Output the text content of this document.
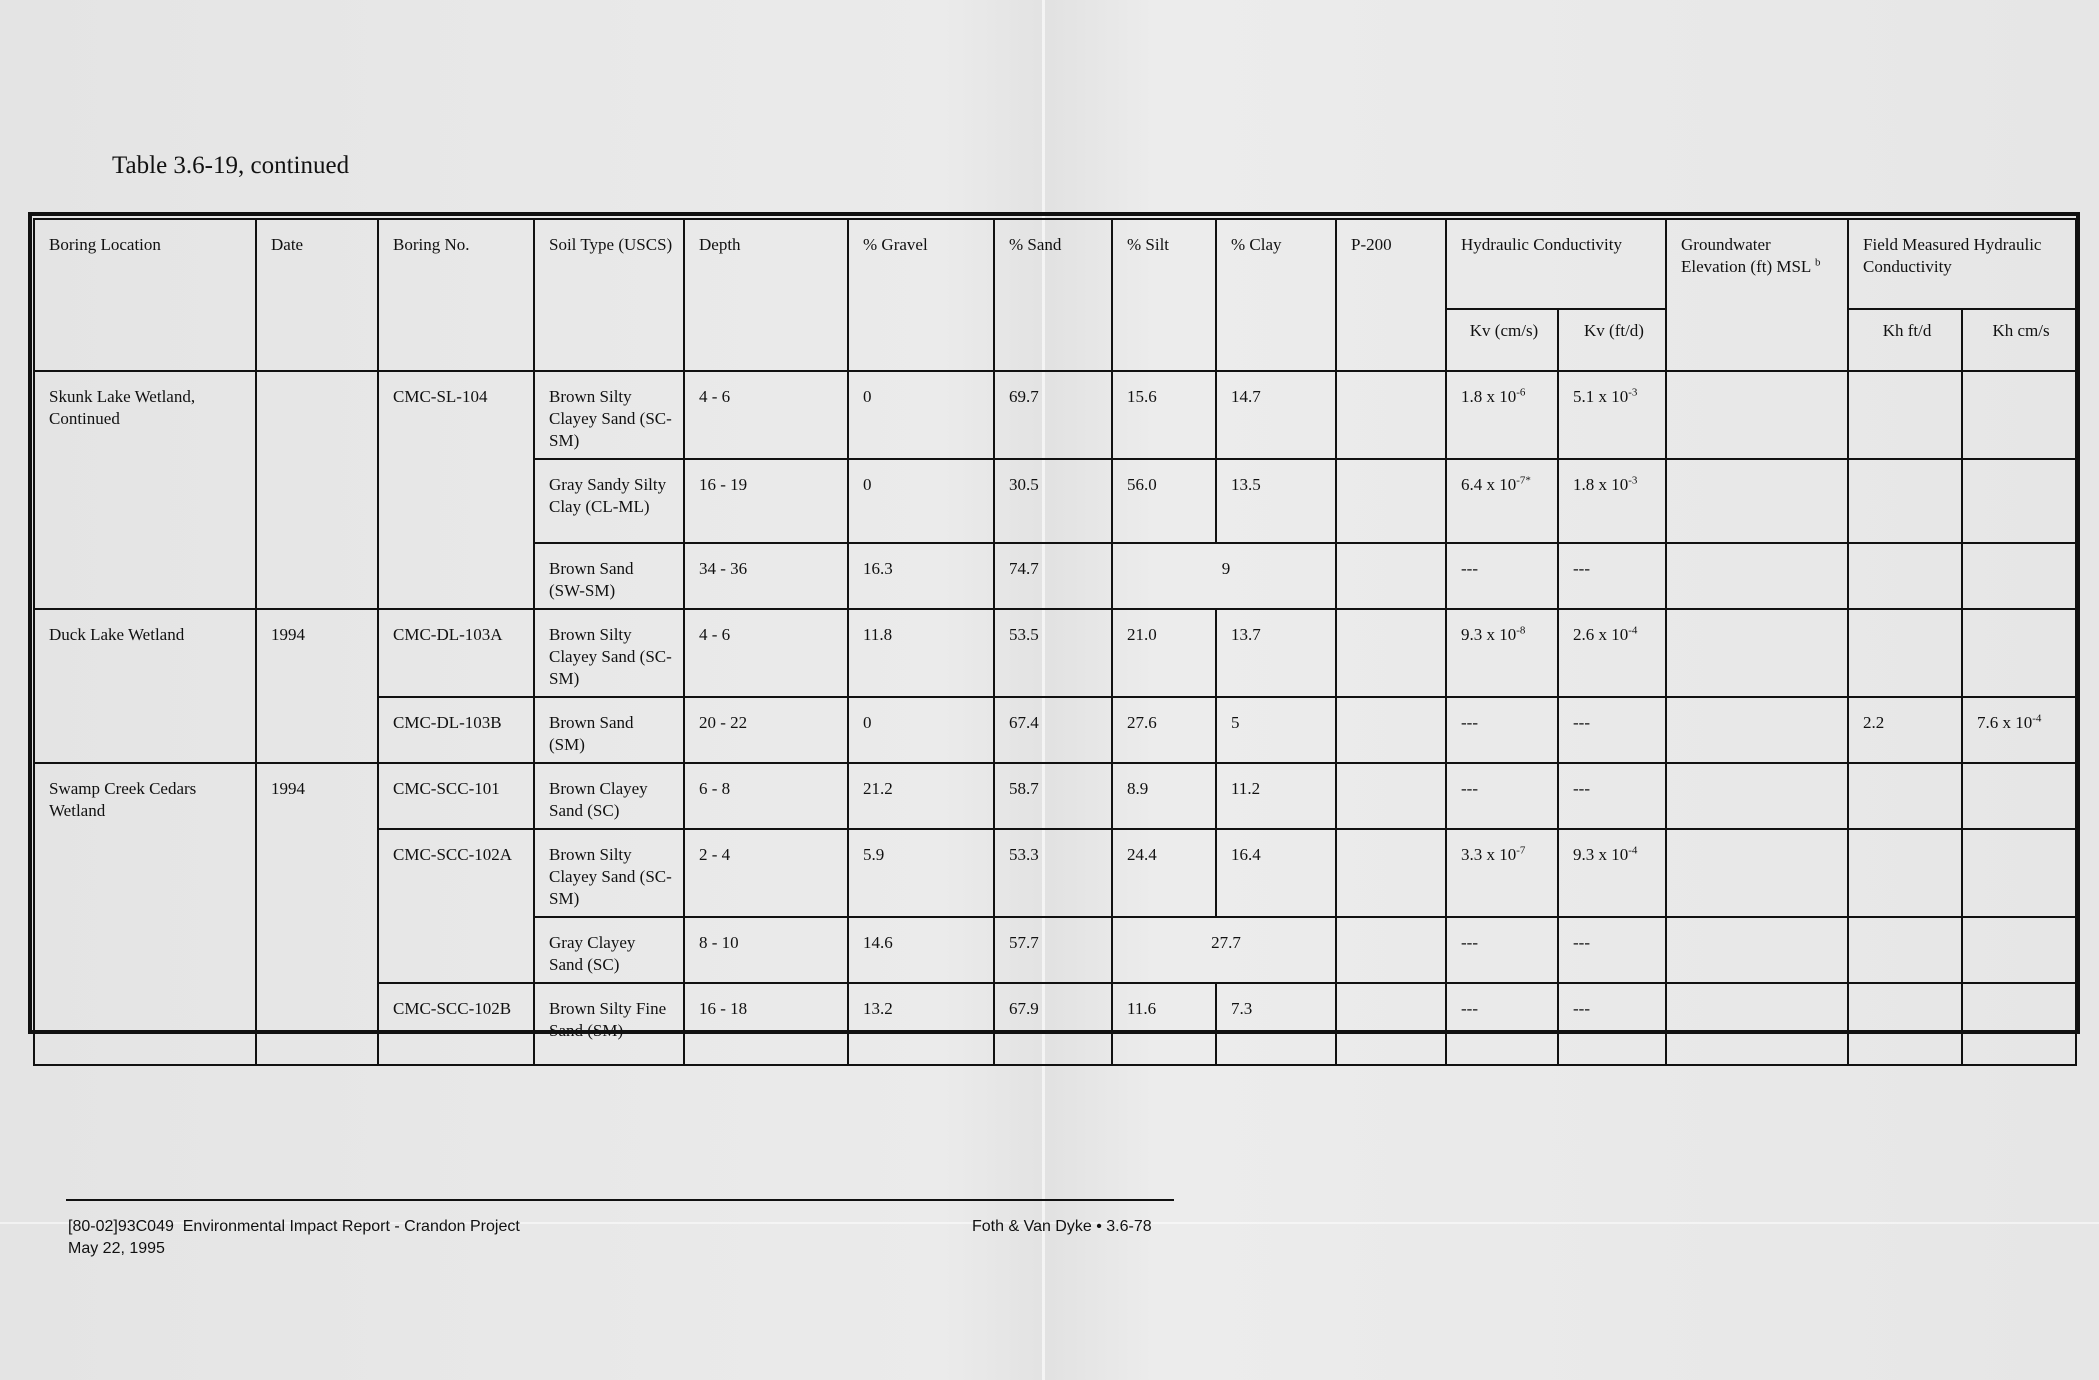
Table 3.6-19, continued
Boring Location	Date	Boring No.	Soil Type (USCS)	Depth	% Gravel	% Sand	% Silt	% Clay	P-200	Hydraulic Conductivity		Groundwater Elevation (ft) MSL $^b$	Field Measured Hydraulic Conductivity	
										Kv (cm/s)	Kv (ft/d)		Kh ft/d	Kh cm/s
Skunk Lake Wetland, Continued		CMC-SL-104	Brown Silty Clayey Sand (SC-SM)	4 - 6	0	69.7	15.6	14.7		1.8 x $10^{-6}$	5.1 x $10^{-3}$			
			Gray Sandy Silty Clay (CL-ML)	16 - 19	0	30.5	56.0	13.5		6.4 x $10^{-7*}$	1.8 x $10^{-3}$			
			Brown Sand (SW-SM)	34 - 36	16.3	74.7	9			---	---			
Duck Lake Wetland	1994	CMC-DL-103A	Brown Silty Clayey Sand (SC-SM)	4 - 6	11.8	53.5	21.0	13.7		9.3 x $10^{-8}$	2.6 x $10^{-4}$			
		CMC-DL-103B	Brown Sand (SM)	20 - 22	0	67.4	27.6	5		---	---		2.2	7.6 x $10^{-4}$
Swamp Creek Cedars Wetland	1994	CMC-SCC-101	Brown Clayey Sand (SC)	6 - 8	21.2	58.7	8.9	11.2		---	---			
		CMC-SCC-102A	Brown Silty Clayey Sand (SC-SM)	2 - 4	5.9	53.3	24.4	16.4		3.3 x $10^{-7}$	9.3 x $10^{-4}$			
			Gray Clayey Sand (SC)	8 - 10	14.6	57.7	27.7			---	---			
		CMC-SCC-102B	Brown Silty Fine Sand (SM)	16 - 18	13.2	67.9	11.6	7.3		---	---			
[80-02]93C049 Environmental Impact Report - Crandon Project
May 22, 1995
Foth & Van Dyke • 3.6-78
